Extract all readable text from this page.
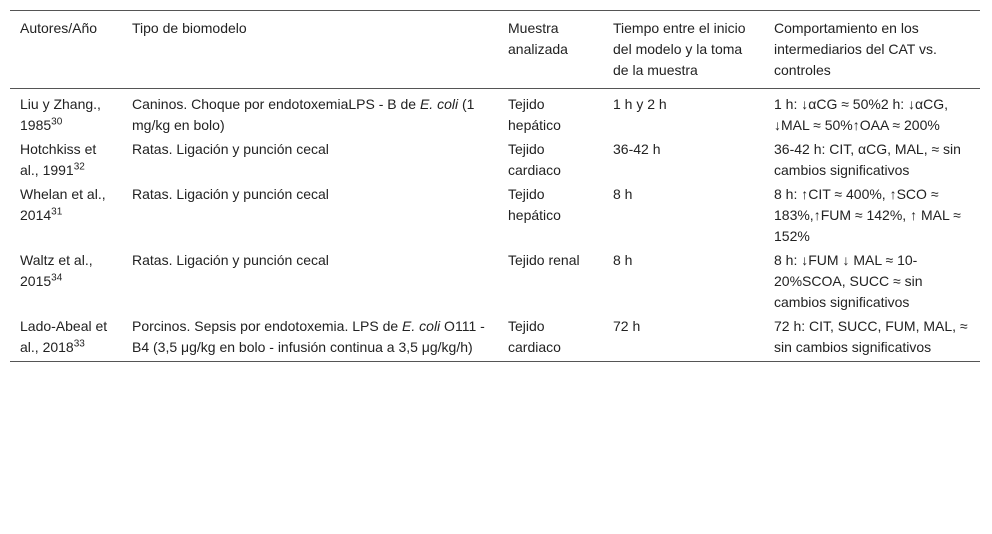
Autores/Año	Tipo de biomodelo	Muestra analizada	Tiempo entre el inicio del modelo y la toma de la muestra	Comportamiento en los intermediarios del CAT vs. controles
Liu y Zhang., 1985$^{30}$	Caninos. Choque por endotoxemiaLPS - B de E. coli (1 mg/kg en bolo)	Tejido hepático	1 h y 2 h	1 h: ↓αCG ≈ 50%2 h: ↓αCG, ↓MAL ≈ 50%↑OAA ≈ 200%
Hotchkiss et al., 1991$^{32}$	Ratas. Ligación y punción cecal	Tejido cardiaco	36-42 h	36-42 h: CIT, αCG, MAL, ≈ sin cambios significativos
Whelan et al., 2014$^{31}$	Ratas. Ligación y punción cecal	Tejido hepático	8 h	8 h: ↑CIT ≈ 400%, ↑SCO ≈ 183%,↑FUM ≈ 142%, ↑ MAL ≈ 152%
Waltz et al., 2015$^{34}$	Ratas. Ligación y punción cecal	Tejido renal	8 h	8 h: ↓FUM ↓ MAL ≈ 10-20%SCOA, SUCC ≈ sin cambios significativos
Lado-Abeal et al., 2018$^{33}$	Porcinos. Sepsis por endotoxemia. LPS de E. coli O111 - B4 (3,5 μg/kg en bolo - infusión continua a 3,5 μg/kg/h)	Tejido cardiaco	72 h	72 h: CIT, SUCC, FUM, MAL, ≈ sin cambios significativos
